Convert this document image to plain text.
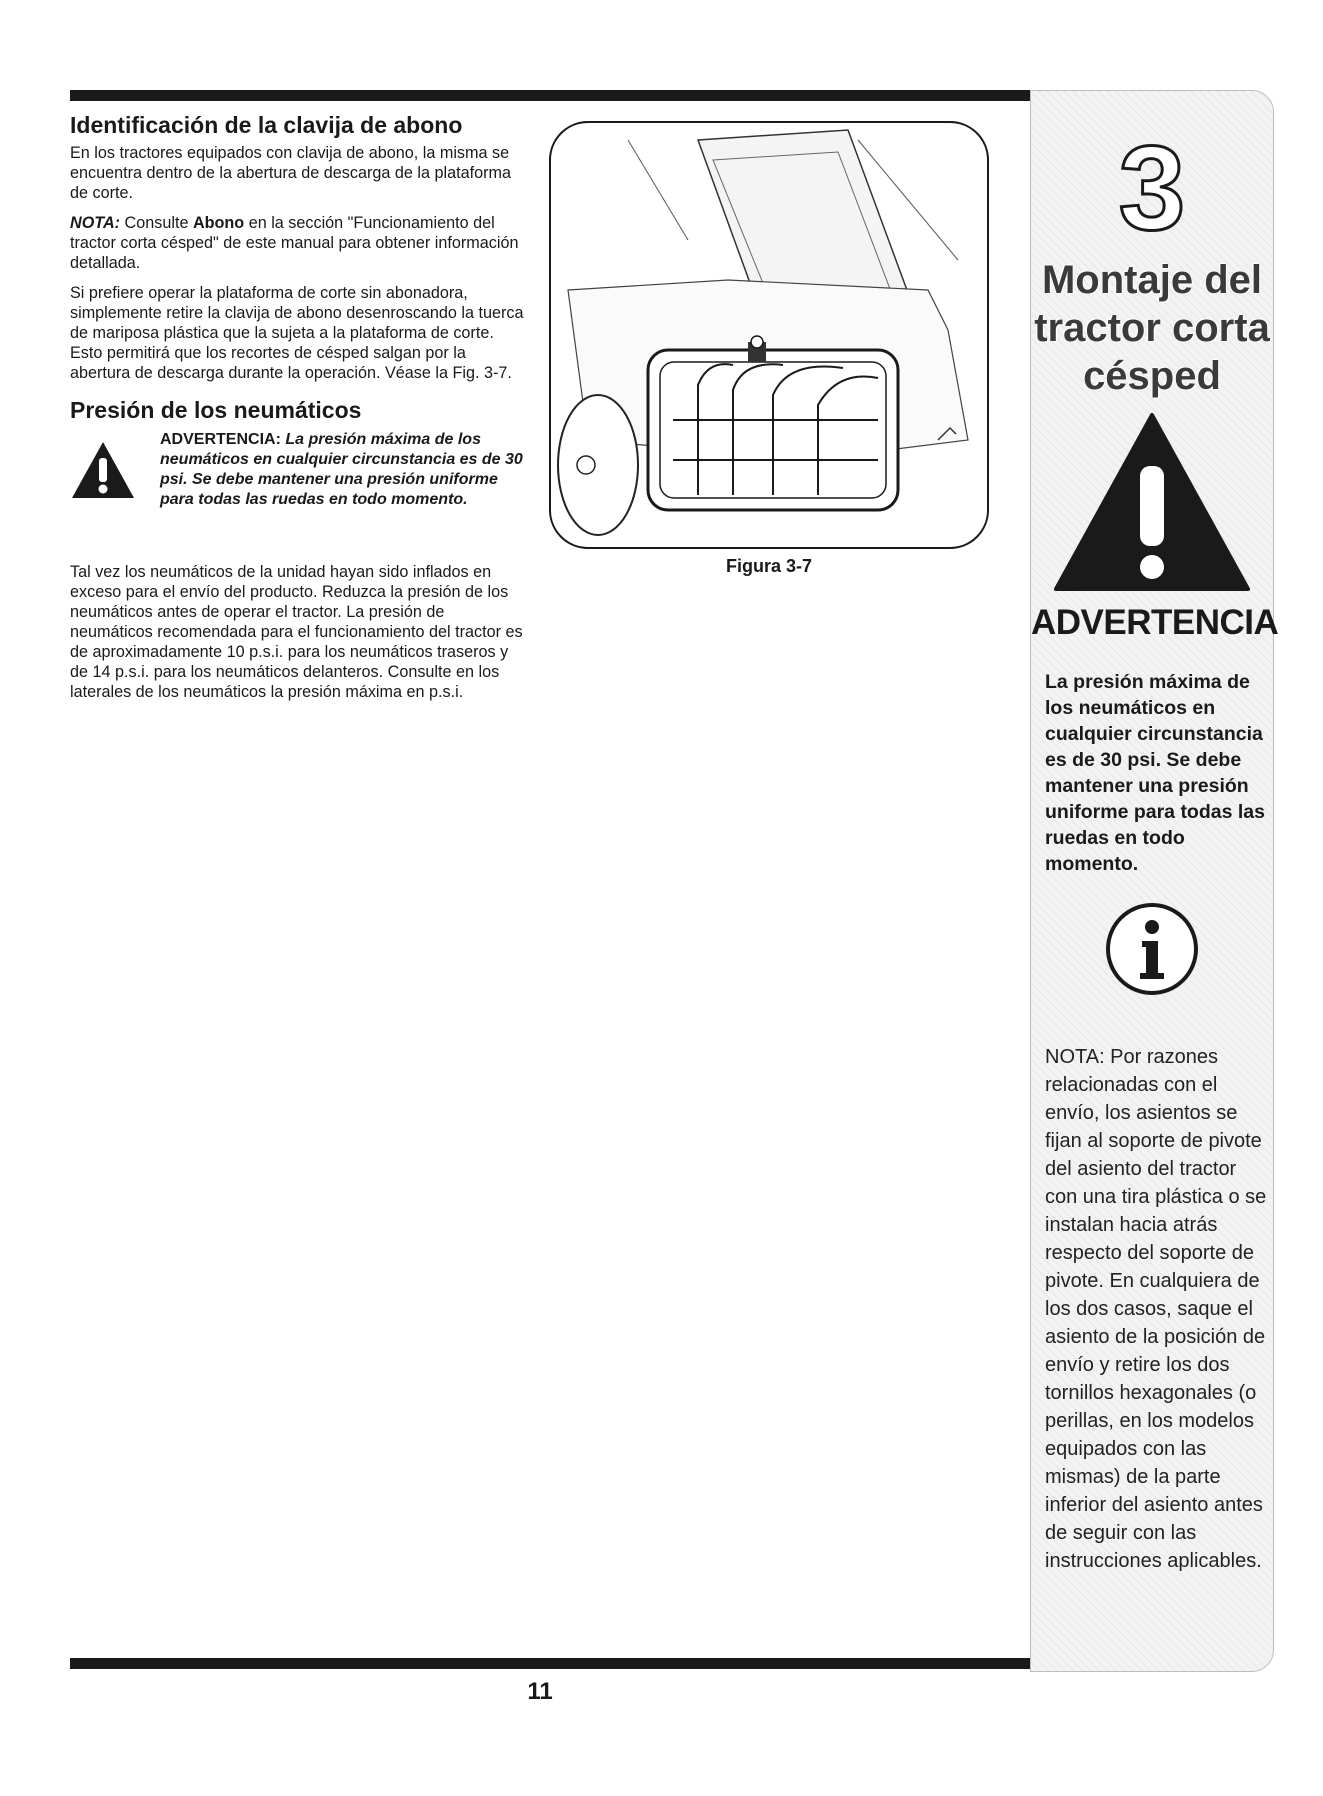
Identificación de la clavija de abono

En los tractores equipados con clavija de abono, la misma se encuentra dentro de la abertura de descarga de la plataforma de corte.

NOTA: Consulte Abono en la sección "Funcionamiento del tractor corta césped" de este manual para obtener información detallada.

Si prefiere operar la plataforma de corte sin abonadora, simplemente retire la clavija de abono desenroscando la tuerca de mariposa plástica que la sujeta a la plataforma de corte. Esto permitirá que los recortes de césped salgan por la abertura de descarga durante la operación. Véase la Fig. 3-7.

Presión de los neumáticos
ADVERTENCIA: La presión máxima de los neumáticos en cualquier circunstancia es de 30 psi. Se debe mantener una presión uniforme para todas las ruedas en todo momento.

Tal vez los neumáticos de la unidad hayan sido inflados en exceso para el envío del producto. Reduzca la presión de los neumáticos antes de operar el tractor. La presión de neumáticos recomendada para el funcionamiento del tractor es de aproximadamente 10 p.s.i. para los neumáticos traseros y de 14 p.s.i. para los neumáticos delanteros. Consulte en los laterales de los neumáticos la presión máxima en p.s.i.

Figura 3-7
3
Montaje del tractor corta césped
ADVERTENCIA
La presión máxima de los neumáticos en cualquier circunstancia es de 30 psi. Se debe mantener una presión uniforme para todas las ruedas en todo momento.
NOTA: Por razones relacionadas con el envío, los asientos se fijan al soporte de pivote del asiento del tractor con una tira plástica o se instalan hacia atrás respecto del soporte de pivote. En cualquiera de los dos casos, saque el asiento de la posición de envío y retire los dos tornillos hexagonales (o perillas, en los modelos equipados con las mismas) de la parte inferior del asiento antes de seguir con las instrucciones aplicables.
11
